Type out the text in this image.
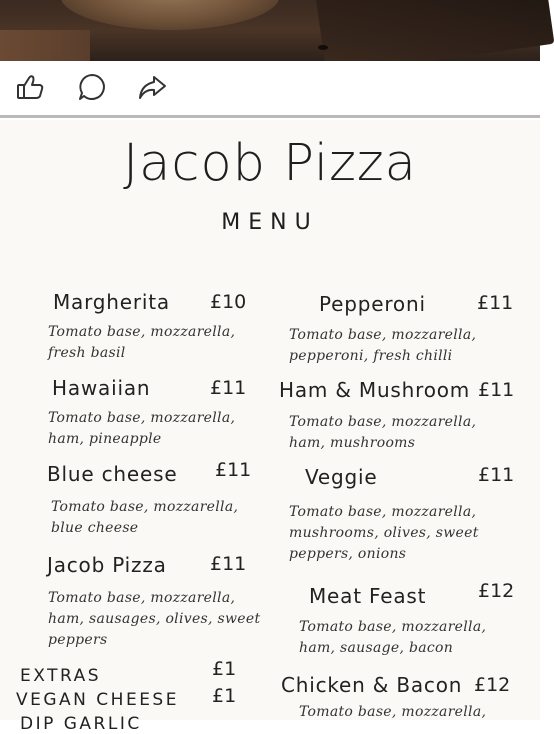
Jacob Pizza
MENU
Margherita £10
Tomato base, mozzarella, fresh basil
Hawaiian	£11
Tomato base, mozzarella, ham, pineapple
Blue cheese £11
Tomato base, mozzarella, blue cheese
Jacob Pizza £11
Tomato base, mozzarella, ham, sausages, olives, sweet peppers
EXTRAS	£1
VEGAN CHEESE £1
DIP GARLIC
Pepperoni	£11
Tomato base, mozzarella, pepperoni, fresh chilli
Ham & Mushroom £11
Tomato base, mozzarella, ham, mushrooms
Veggie	£11
Tomato base, mozzarella, mushrooms, olives, sweet peppers, onions
Meat Feast	£12
Tomato base, mozzarella, ham, sausage, bacon
Chicken & Bacon £12
Tomato base, mozzarella,
